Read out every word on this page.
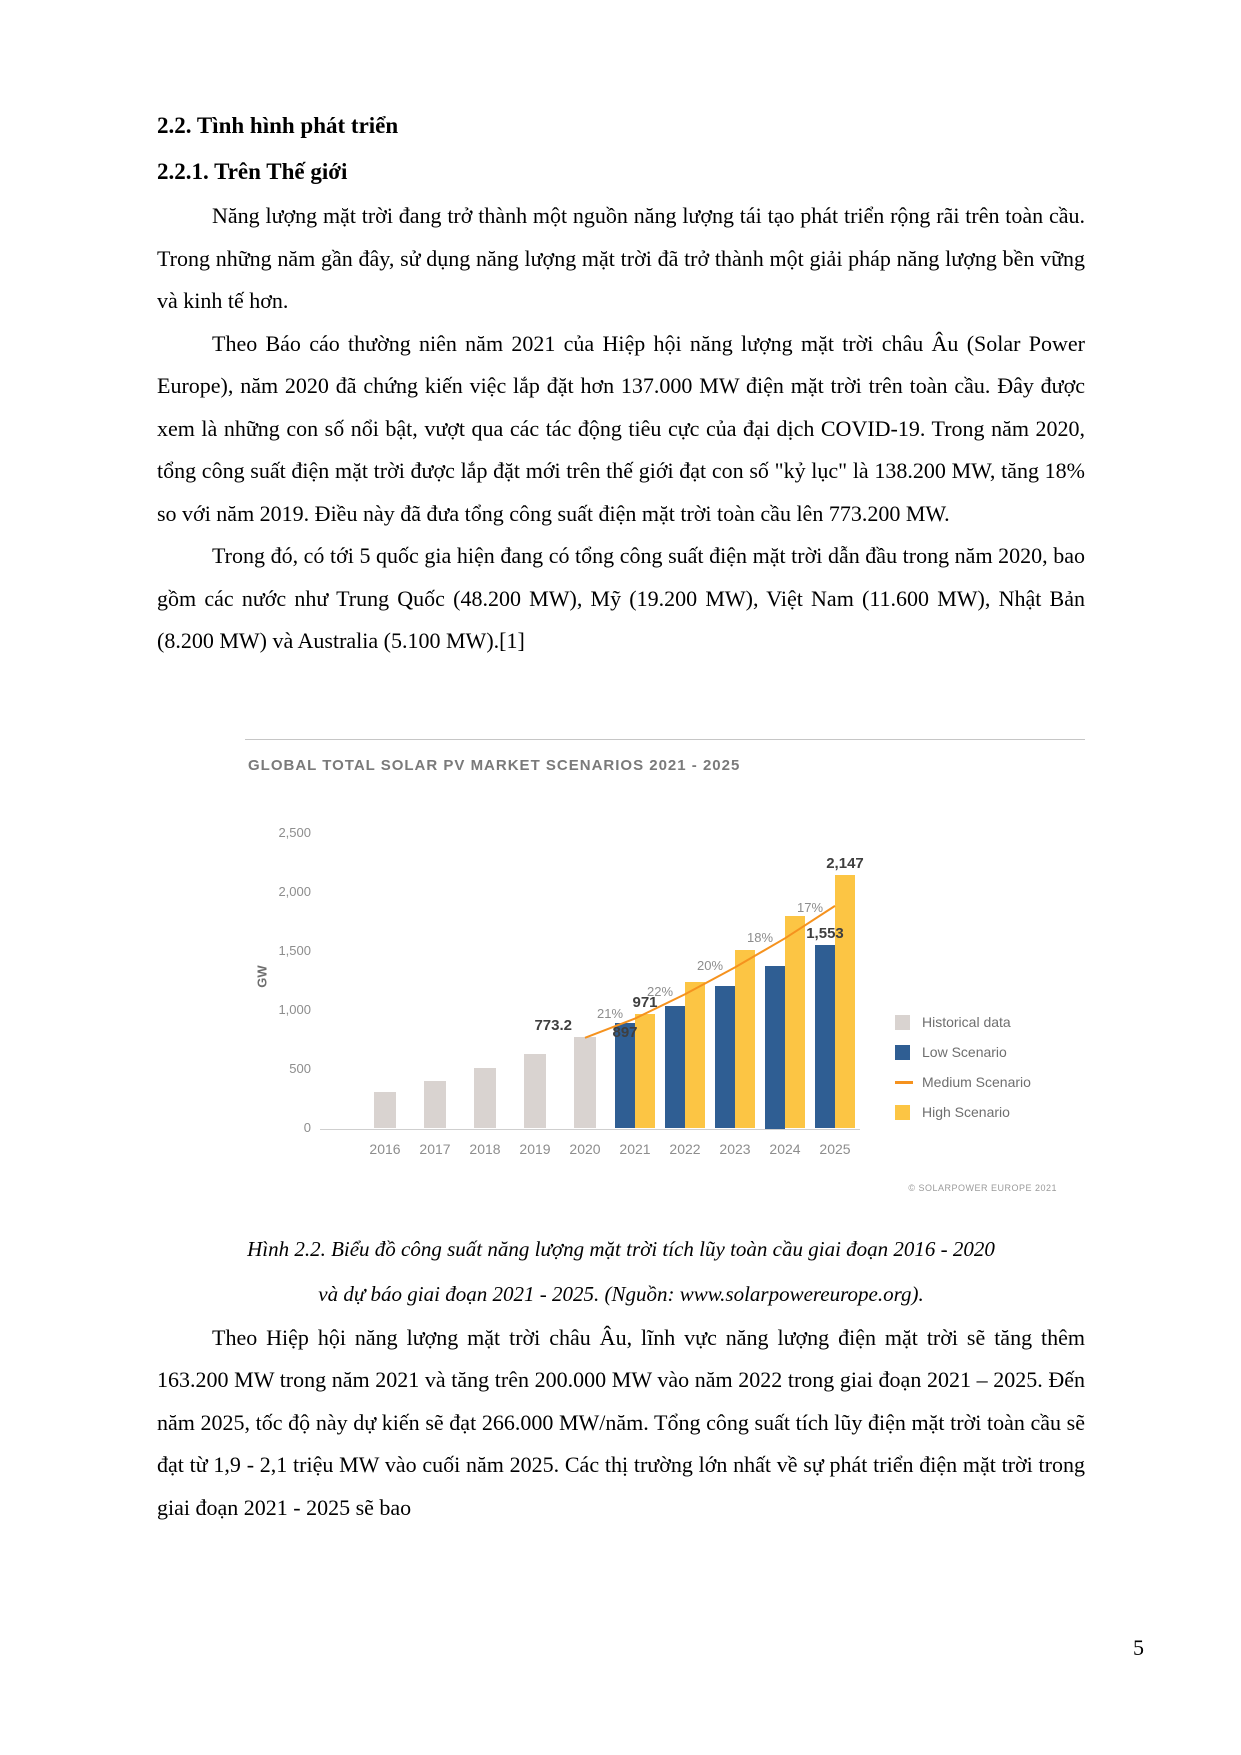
2.2. Tình hình phát triển
2.2.1. Trên Thế giới

Năng lượng mặt trời đang trở thành một nguồn năng lượng tái tạo phát triển rộng rãi trên toàn cầu. Trong những năm gần đây, sử dụng năng lượng mặt trời đã trở thành một giải pháp năng lượng bền vững và kinh tế hơn.

Theo Báo cáo thường niên năm 2021 của Hiệp hội năng lượng mặt trời châu Âu (Solar Power Europe), năm 2020 đã chứng kiến việc lắp đặt hơn 137.000 MW điện mặt trời trên toàn cầu. Đây được xem là những con số nổi bật, vượt qua các tác động tiêu cực của đại dịch COVID-19. Trong năm 2020, tổng công suất điện mặt trời được lắp đặt mới trên thế giới đạt con số "kỷ lục" là 138.200 MW, tăng 18% so với năm 2019. Điều này đã đưa tổng công suất điện mặt trời toàn cầu lên 773.200 MW.

Trong đó, có tới 5 quốc gia hiện đang có tổng công suất điện mặt trời dẫn đầu trong năm 2020, bao gồm các nước như Trung Quốc (48.200 MW), Mỹ (19.200 MW), Việt Nam (11.600 MW), Nhật Bản (8.200 MW) và Australia (5.100 MW).[1]

GLOBAL TOTAL SOLAR PV MARKET SCENARIOS 2021 - 2025
GW
0
500
1,000
1,500
2,000
2,500
2016	2017	2018	2019	2020	2021	2022	2023	2024	2025
21%
22%
20%
18%
17%
773.2
971
897
2,147
1,553
Historical data
Low Scenario
Medium Scenario
High Scenario
© SOLARPOWER EUROPE 2021
Hình 2.2. Biểu đồ công suất năng lượng mặt trời tích lũy toàn cầu giai đoạn 2016 - 2020
và dự báo giai đoạn 2021 - 2025. (Nguồn: www.solarpowereurope.org).

Theo Hiệp hội năng lượng mặt trời châu Âu, lĩnh vực năng lượng điện mặt trời sẽ tăng thêm 163.200 MW trong năm 2021 và tăng trên 200.000 MW vào năm 2022 trong giai đoạn 2021 – 2025. Đến năm 2025, tốc độ này dự kiến sẽ đạt 266.000 MW/năm. Tổng công suất tích lũy điện mặt trời toàn cầu sẽ đạt từ 1,9 - 2,1 triệu MW vào cuối năm 2025. Các thị trường lớn nhất về sự phát triển điện mặt trời trong giai đoạn 2021 - 2025 sẽ bao

5
